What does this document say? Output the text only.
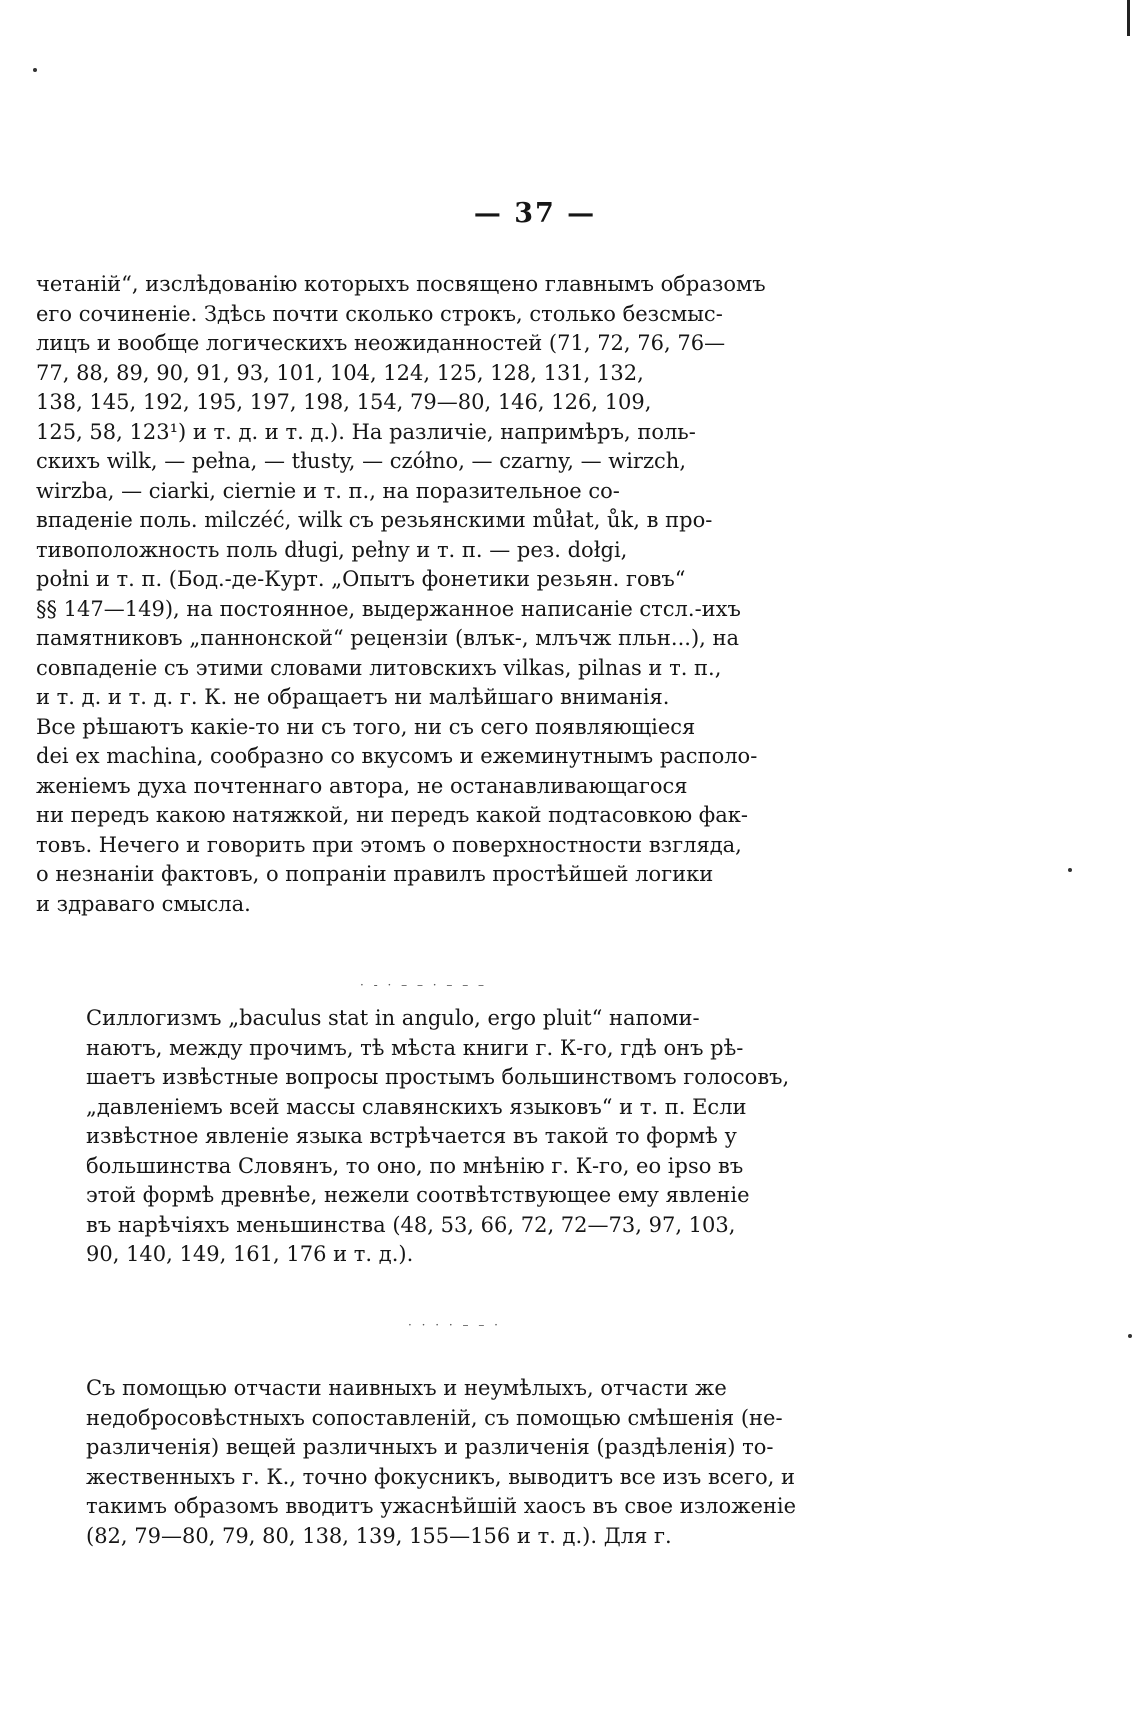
— 37 —
четаній“, изслѣдованію которыхъ посвящено главнымъ образомъ
его сочиненіе. Здѣсь почти сколько строкъ, столько безсмыс-
лицъ и вообще логическихъ неожиданностей (71, 72, 76, 76—
77, 88, 89, 90, 91, 93, 101, 104, 124, 125, 128, 131, 132,
138, 145, 192, 195, 197, 198, 154, 79—80, 146, 126, 109,
125, 58, 123¹) и т. д. и т. д.). На различіе, напримѣръ, поль-
скихъ wilk, — pełna, — tłusty, — czółno, — czarny, — wirzch,
wirzba, — ciarki, ciernie и т. п., на поразительное со-
впаденіе поль. milczéć, wilk съ резьянскими můłat, ůk, в про-
тивоположность поль długi, pełny и т. п. — рез. dołgi,
połni и т. п. (Бод.-де-Курт. „Опытъ фонетики резьян. говъ“
§§ 147—149), на постоянное, выдержанное написаніе стсл.-ихъ
памятниковъ „паннонской“ рецензіи (влък-, млъчж пльн...), на
совпаденіе съ этими словами литовскихъ vilkas, pilnas и т. п.,
и т. д. и т. д. г. К. не обращаетъ ни малѣйшаго вниманія.
Все рѣшаютъ какіе-то ни съ того, ни съ сего появляющіеся
dei ex machina, сообразно со вкусомъ и ежеминутнымъ располо-
женіемъ духа почтеннаго автора, не останавливающагося
ни передъ какою натяжкой, ни передъ какой подтасовкою фак-
товъ. Нечего и говорить при этомъ о поверхностности взгляда,
о незнаніи фактовъ, о попраніи правилъ простѣйшей логики
и здраваго смысла.
· - · – – · – – –
Силлогизмъ „baculus stat in angulo, ergo pluit“ напоми-
наютъ, между прочимъ, тѣ мѣста книги г. К-го, гдѣ онъ рѣ-
шаетъ извѣстные вопросы простымъ большинствомъ голосовъ,
„давленіемъ всей массы славянскихъ языковъ“ и т. п. Если
извѣстное явленіе языка встрѣчается въ такой то формѣ у
большинства Словянъ, то оно, по мнѣнію г. К-го, eo ipso въ
этой формѣ древнѣе, нежели соотвѣтствующее ему явленіе
въ нарѣчіяхъ меньшинства (48, 53, 66, 72, 72—73, 97, 103,
90, 140, 149, 161, 176 и т. д.).
· · · · – – ·
Съ помощью отчасти наивныхъ и неумѣлыхъ, отчасти же
недобросовѣстныхъ сопоставленій, съ помощью смѣшенія (не-
различенія) вещей различныхъ и различенія (раздѣленія) то-
жественныхъ г. К., точно фокусникъ, выводитъ все изъ всего, и
такимъ образомъ вводитъ ужаснѣйшій хаосъ въ свое изложеніе
(82, 79—80, 79, 80, 138, 139, 155—156 и т. д.). Для г.
